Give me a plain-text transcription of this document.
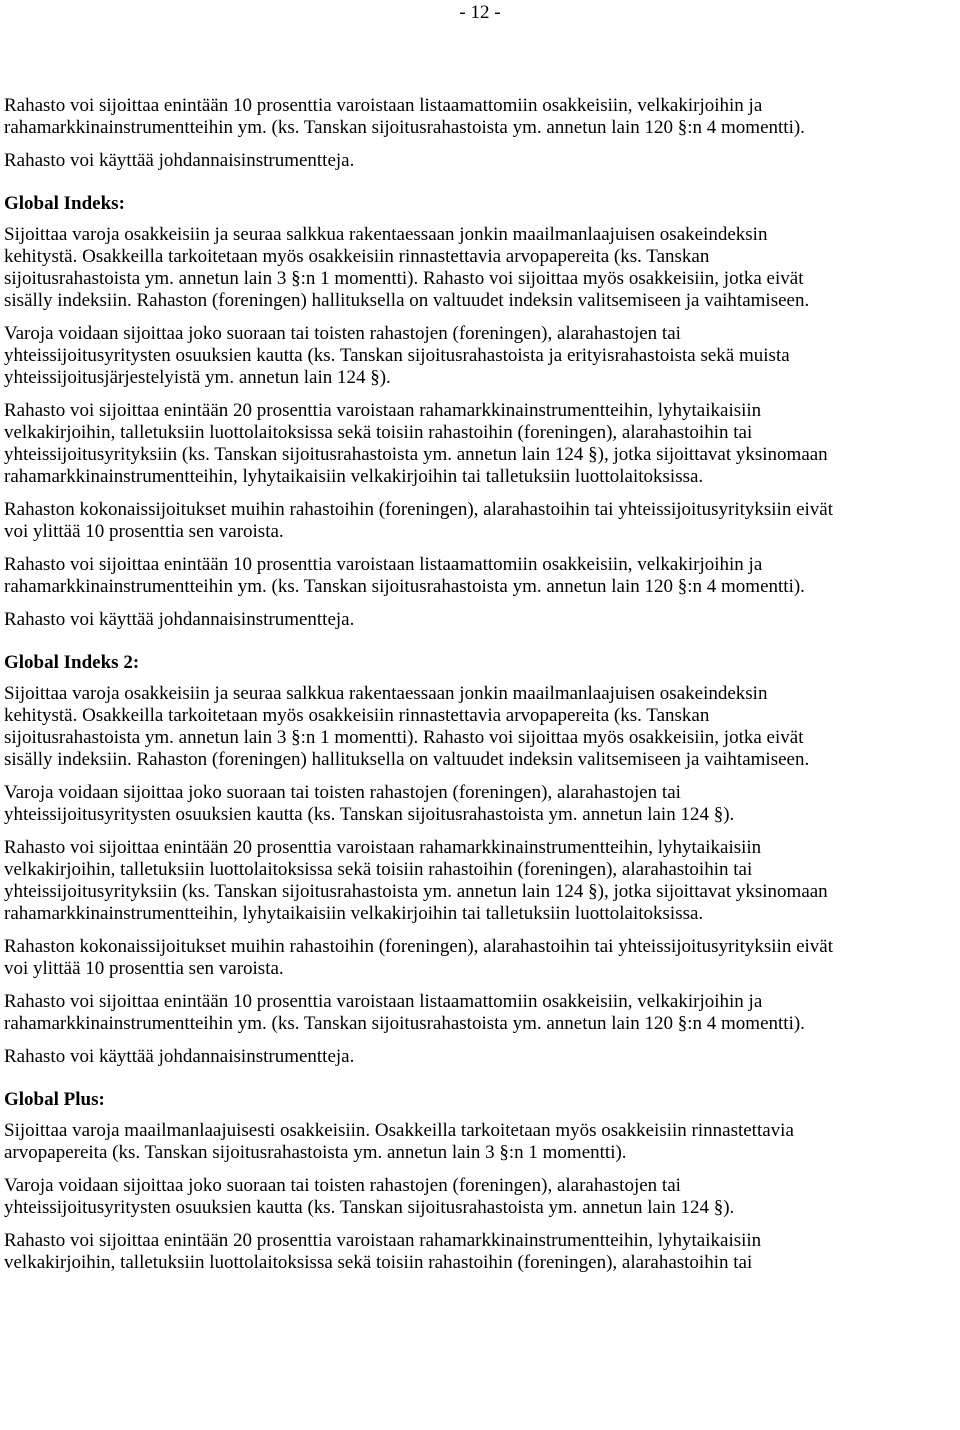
- 12 -
Rahasto voi sijoittaa enintään 10 prosenttia varoistaan listaamattomiin osakkeisiin, velkakirjoihin ja
rahamarkkinainstrumentteihin ym. (ks. Tanskan sijoitusrahastoista ym. annetun lain 120 §:n 4 momentti).
Rahasto voi käyttää johdannaisinstrumentteja.
Global Indeks:
Sijoittaa varoja osakkeisiin ja seuraa salkkua rakentaessaan jonkin maailmanlaajuisen osakeindeksin
kehitystä. Osakkeilla tarkoitetaan myös osakkeisiin rinnastettavia arvopapereita (ks. Tanskan
sijoitusrahastoista ym. annetun lain 3 §:n 1 momentti). Rahasto voi sijoittaa myös osakkeisiin, jotka eivät
sisälly indeksiin. Rahaston (foreningen) hallituksella on valtuudet indeksin valitsemiseen ja vaihtamiseen.
Varoja voidaan sijoittaa joko suoraan tai toisten rahastojen (foreningen), alarahastojen tai
yhteissijoitusyritysten osuuksien kautta (ks. Tanskan sijoitusrahastoista ja erityisrahastoista sekä muista
yhteissijoitusjärjestelyistä ym. annetun lain 124 §).
Rahasto voi sijoittaa enintään 20 prosenttia varoistaan rahamarkkinainstrumentteihin, lyhytaikaisiin
velkakirjoihin, talletuksiin luottolaitoksissa sekä toisiin rahastoihin (foreningen), alarahastoihin tai
yhteissijoitusyrityksiin (ks. Tanskan sijoitusrahastoista ym. annetun lain 124 §), jotka sijoittavat yksinomaan
rahamarkkinainstrumentteihin, lyhytaikaisiin velkakirjoihin tai talletuksiin luottolaitoksissa.
Rahaston kokonaissijoitukset muihin rahastoihin (foreningen), alarahastoihin tai yhteissijoitusyrityksiin eivät
voi ylittää 10 prosenttia sen varoista.
Rahasto voi sijoittaa enintään 10 prosenttia varoistaan listaamattomiin osakkeisiin, velkakirjoihin ja
rahamarkkinainstrumentteihin ym. (ks. Tanskan sijoitusrahastoista ym. annetun lain 120 §:n 4 momentti).
Rahasto voi käyttää johdannaisinstrumentteja.
Global Indeks 2:
Sijoittaa varoja osakkeisiin ja seuraa salkkua rakentaessaan jonkin maailmanlaajuisen osakeindeksin
kehitystä. Osakkeilla tarkoitetaan myös osakkeisiin rinnastettavia arvopapereita (ks. Tanskan
sijoitusrahastoista ym. annetun lain 3 §:n 1 momentti). Rahasto voi sijoittaa myös osakkeisiin, jotka eivät
sisälly indeksiin. Rahaston (foreningen) hallituksella on valtuudet indeksin valitsemiseen ja vaihtamiseen.
Varoja voidaan sijoittaa joko suoraan tai toisten rahastojen (foreningen), alarahastojen tai
yhteissijoitusyritysten osuuksien kautta (ks. Tanskan sijoitusrahastoista ym. annetun lain 124 §).
Rahasto voi sijoittaa enintään 20 prosenttia varoistaan rahamarkkinainstrumentteihin, lyhytaikaisiin
velkakirjoihin, talletuksiin luottolaitoksissa sekä toisiin rahastoihin (foreningen), alarahastoihin tai
yhteissijoitusyrityksiin (ks. Tanskan sijoitusrahastoista ym. annetun lain 124 §), jotka sijoittavat yksinomaan
rahamarkkinainstrumentteihin, lyhytaikaisiin velkakirjoihin tai talletuksiin luottolaitoksissa.
Rahaston kokonaissijoitukset muihin rahastoihin (foreningen), alarahastoihin tai yhteissijoitusyrityksiin eivät
voi ylittää 10 prosenttia sen varoista.
Rahasto voi sijoittaa enintään 10 prosenttia varoistaan listaamattomiin osakkeisiin, velkakirjoihin ja
rahamarkkinainstrumentteihin ym. (ks. Tanskan sijoitusrahastoista ym. annetun lain 120 §:n 4 momentti).
Rahasto voi käyttää johdannaisinstrumentteja.
Global Plus:
Sijoittaa varoja maailmanlaajuisesti osakkeisiin. Osakkeilla tarkoitetaan myös osakkeisiin rinnastettavia
arvopapereita (ks. Tanskan sijoitusrahastoista ym. annetun lain 3 §:n 1 momentti).
Varoja voidaan sijoittaa joko suoraan tai toisten rahastojen (foreningen), alarahastojen tai
yhteissijoitusyritysten osuuksien kautta (ks. Tanskan sijoitusrahastoista ym. annetun lain 124 §).
Rahasto voi sijoittaa enintään 20 prosenttia varoistaan rahamarkkinainstrumentteihin, lyhytaikaisiin
velkakirjoihin, talletuksiin luottolaitoksissa sekä toisiin rahastoihin (foreningen), alarahastoihin tai
